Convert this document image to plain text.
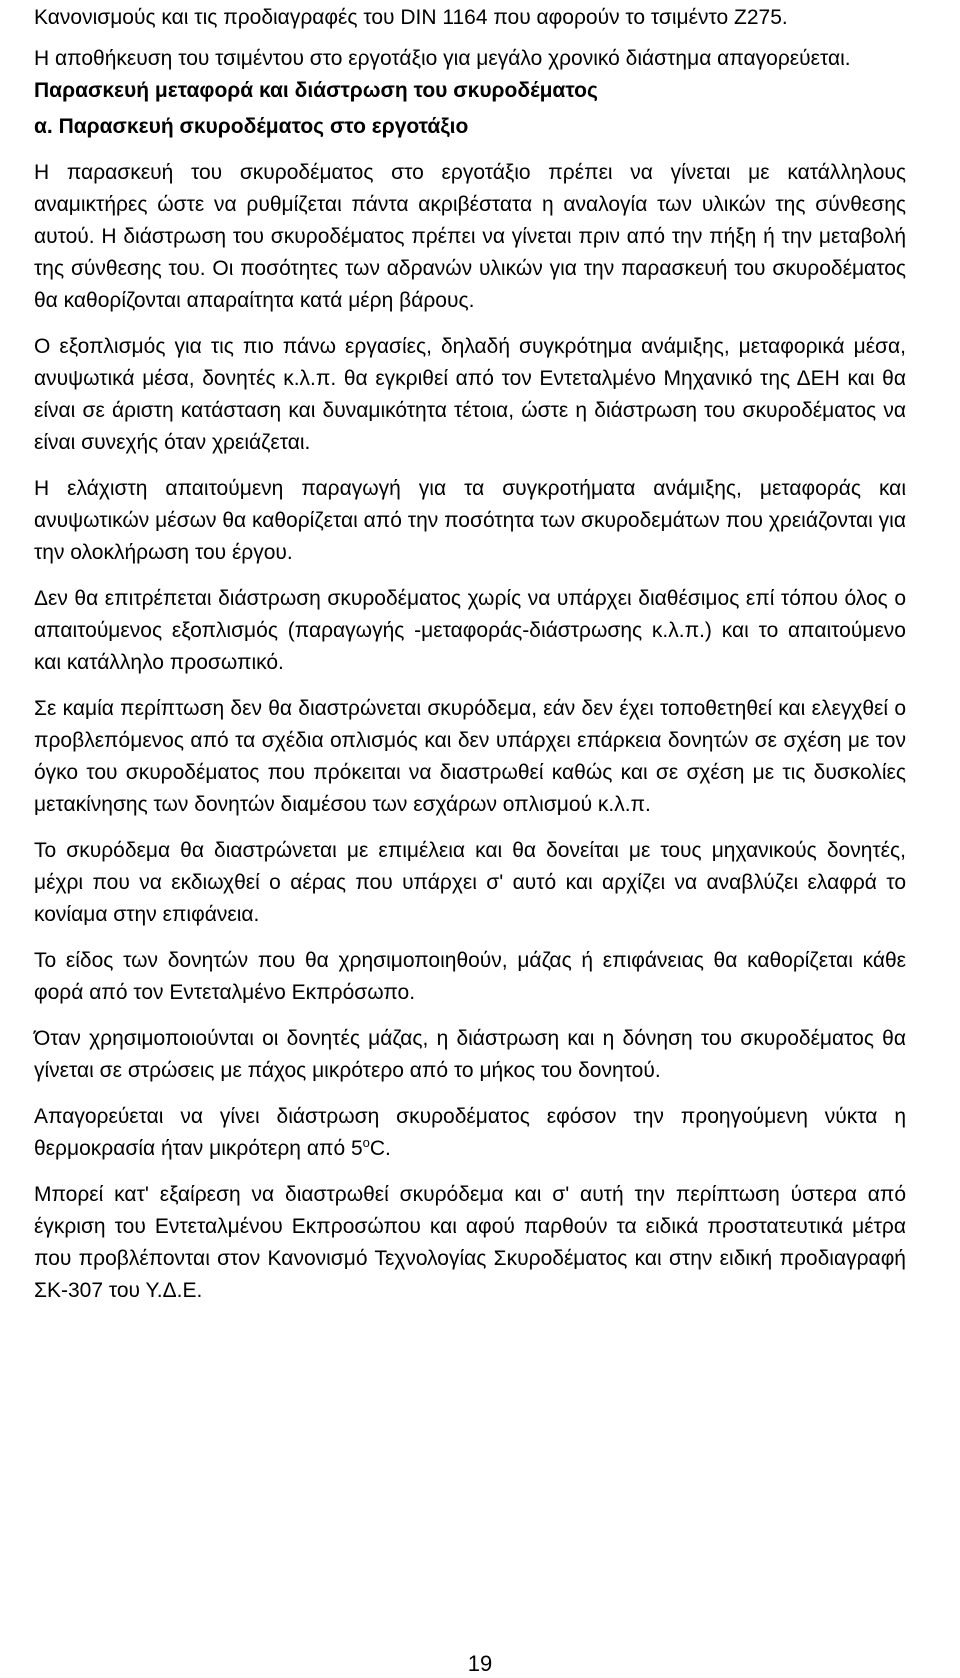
Κανονισμούς και τις προδιαγραφές του DIN 1164 που αφορούν το τσιμέντο Z275.

Η αποθήκευση του τσιμέντου στο εργοτάξιο για μεγάλο χρονικό διάστημα απαγορεύεται.

Παρασκευή μεταφορά και διάστρωση του σκυροδέματος

α. Παρασκευή σκυροδέματος στο εργοτάξιο

Η παρασκευή του σκυροδέματος στο εργοτάξιο πρέπει να γίνεται με κατάλληλους αναμικτήρες ώστε να ρυθμίζεται πάντα ακριβέστατα η αναλογία των υλικών της σύνθεσης αυτού. Η διάστρωση του σκυροδέματος πρέπει να γίνεται πριν από την πήξη ή την μεταβολή της σύνθεσης του. Οι ποσότητες των αδρανών υλικών για την παρασκευή του σκυροδέματος θα καθορίζονται απαραίτητα κατά μέρη βάρους.

Ο εξοπλισμός για τις πιο πάνω εργασίες, δηλαδή συγκρότημα ανάμιξης, μεταφορικά μέσα, ανυψωτικά μέσα, δονητές κ.λ.π. θα εγκριθεί από τον Εντεταλμένο Μηχανικό της ΔΕΗ και θα είναι σε άριστη κατάσταση και δυναμικότητα τέτοια, ώστε η διάστρωση του σκυροδέματος να είναι συνεχής όταν χρειάζεται.

Η ελάχιστη απαιτούμενη παραγωγή για τα συγκροτήματα ανάμιξης, μεταφοράς και ανυψωτικών μέσων θα καθορίζεται από την ποσότητα των σκυροδεμάτων που χρειάζονται για την ολοκλήρωση του έργου.

Δεν θα επιτρέπεται διάστρωση σκυροδέματος χωρίς να υπάρχει διαθέσιμος επί τόπου όλος ο απαιτούμενος εξοπλισμός (παραγωγής -μεταφοράς-διάστρωσης κ.λ.π.) και το απαιτούμενο και κατάλληλο προσωπικό.

Σε καμία περίπτωση δεν θα διαστρώνεται σκυρόδεμα, εάν δεν έχει τοποθετηθεί και ελεγχθεί ο προβλεπόμενος από τα σχέδια οπλισμός και δεν υπάρχει επάρκεια δονητών σε σχέση με τον όγκο του σκυροδέματος που πρόκειται να διαστρωθεί καθώς και σε σχέση με τις δυσκολίες μετακίνησης των δονητών διαμέσου των εσχάρων οπλισμού κ.λ.π.

Το σκυρόδεμα θα διαστρώνεται με επιμέλεια και θα δονείται με τους μηχανικούς δονητές, μέχρι που να εκδιωχθεί ο αέρας που υπάρχει σ' αυτό και αρχίζει να αναβλύζει ελαφρά το κονίαμα στην επιφάνεια.

Το είδος των δονητών που θα χρησιμοποιηθούν, μάζας ή επιφάνειας θα καθορίζεται κάθε φορά από τον Εντεταλμένο Εκπρόσωπο.

Όταν χρησιμοποιούνται οι δονητές μάζας, η διάστρωση και η δόνηση του σκυροδέματος θα γίνεται σε στρώσεις με πάχος μικρότερο από το μήκος του δονητού.

Απαγορεύεται να γίνει διάστρωση σκυροδέματος εφόσον την προηγούμενη νύκτα η θερμοκρασία ήταν μικρότερη από 5$^o$C.

Μπορεί κατ' εξαίρεση να διαστρωθεί σκυρόδεμα και σ' αυτή την περίπτωση ύστερα από έγκριση του Εντεταλμένου Εκπροσώπου και αφού παρθούν τα ειδικά προστατευτικά μέτρα που προβλέπονται στον Κανονισμό Τεχνολογίας Σκυροδέματος και στην ειδική προδιαγραφή ΣΚ-307 του Υ.Δ.Ε.

19
